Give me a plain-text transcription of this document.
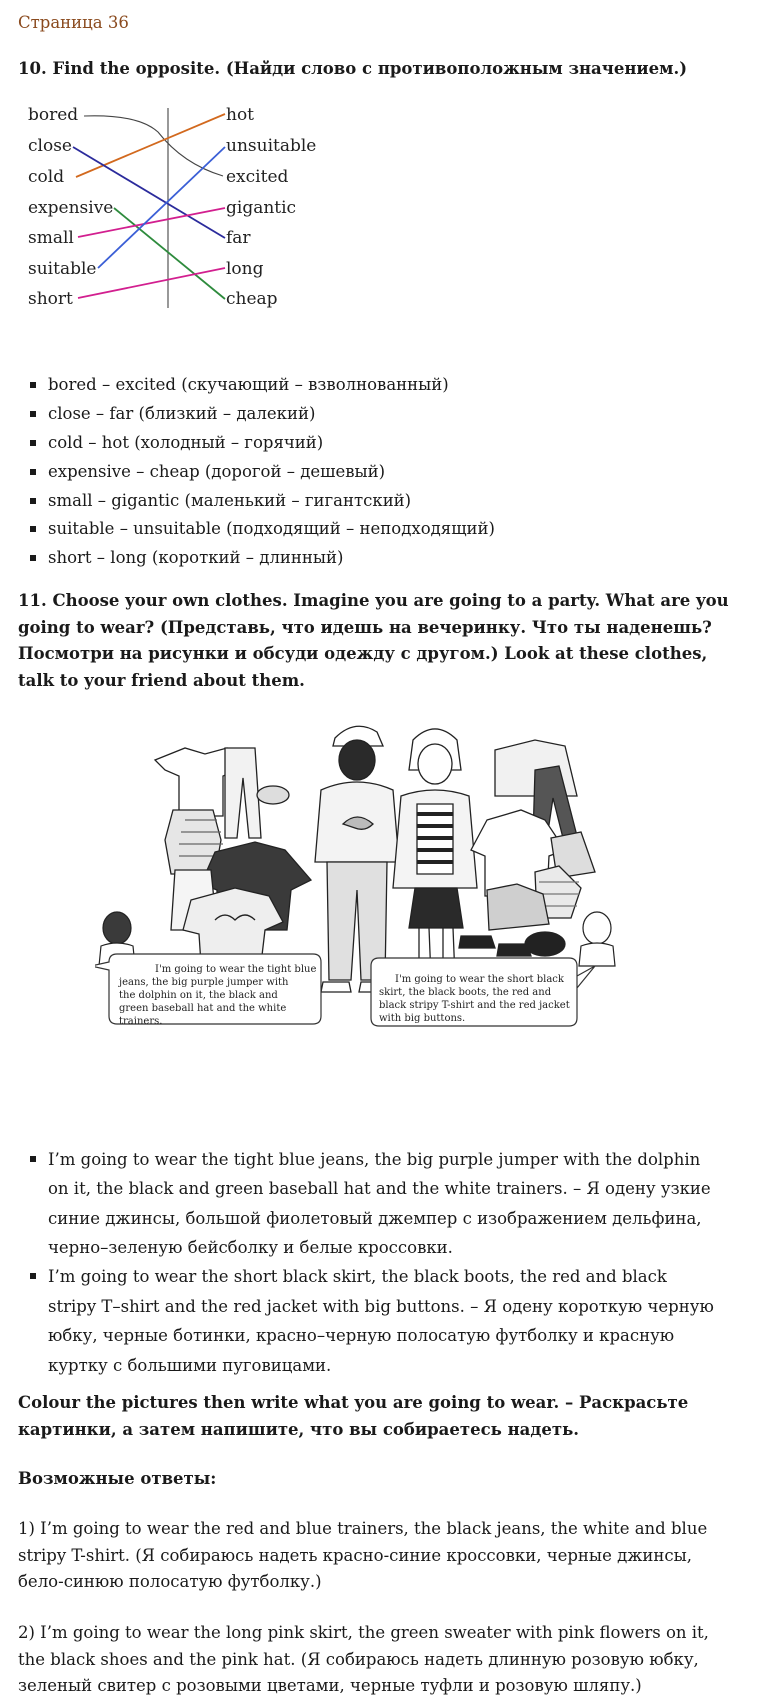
Страница 36
10. Find the opposite. (Найди слово с противоположным значением.)
bored
close
cold
expensive
small
suitable
short
hot
unsuitable
excited
gigantic
far
long
cheap
bored – excited (скучающий – взволнованный)
close – far (близкий – далекий)
cold – hot (холодный – горячий)
expensive – cheap (дорогой – дешевый)
small – gigantic (маленький – гигантский)
suitable – unsuitable (подходящий – неподходящий)
short – long (короткий – длинный)
11. Choose your own clothes. Imagine you are going to a party. What are you going to wear? (Представь, что идешь на вечеринку. Что ты наденешь? Посмотри на рисунки и обсуди одежду с другом.) Look at these clothes, talk to your friend about them.
I'm going to wear the tight blue
jeans, the big purple jumper with
the dolphin on it, the black and
green baseball hat and the white
trainers.
I'm going to wear the short black
skirt, the black boots, the red and
black stripy T-shirt and the red jacket
with big buttons.
I’m going to wear the tight blue jeans, the big purple jumper with the dolphin on it, the black and green baseball hat and the white trainers. – Я одену узкие синие джинсы, большой фиолетовый джемпер с изображением дельфина, черно–зеленую бейсболку и белые кроссовки.
I’m going to wear the short black skirt, the black boots, the red and black stripy T–shirt and the red jacket with big buttons. – Я одену короткую черную юбку, черные ботинки, красно–черную полосатую футболку и красную куртку с большими пуговицами.
Colour the pictures then write what you are going to wear. – Раскрасьте картинки, а затем напишите, что вы собираетесь надеть.
Возможные ответы:

1) I’m going to wear the red and blue trainers, the black jeans, the white and blue stripy T-shirt. (Я собираюсь надеть красно-синие кроссовки, черные джинсы, бело-синюю полосатую футболку.)

2) I’m going to wear the long pink skirt, the green sweater with pink flowers on it, the black shoes and the pink hat. (Я собираюсь надеть длинную розовую юбку, зеленый свитер с розовыми цветами, черные туфли и розовую шляпу.)
